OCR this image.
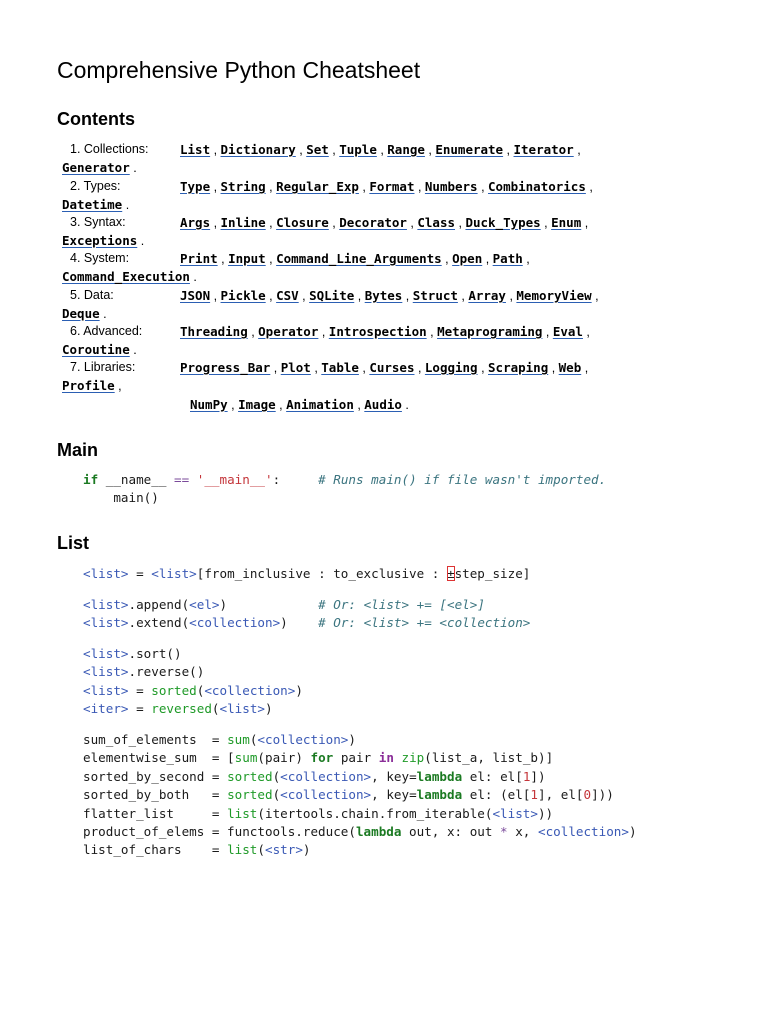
Comprehensive Python Cheatsheet
Contents
1. Collections:	List , Dictionary , Set , Tuple , Range , Enumerate , Iterator ,
Generator .
2. Types:	Type , String , Regular_Exp , Format , Numbers , Combinatorics ,
Datetime .
3. Syntax:	Args , Inline , Closure , Decorator , Class , Duck_Types , Enum ,
Exceptions .
4. System:	Print , Input , Command_Line_Arguments , Open , Path ,
Command_Execution .
5. Data:	JSON , Pickle , CSV , SQLite , Bytes , Struct , Array , MemoryView ,
Deque .
6. Advanced:	Threading , Operator , Introspection , Metaprograming , Eval ,
Coroutine .
7. Libraries:	Progress_Bar , Plot , Table , Curses , Logging , Scraping , Web ,
Profile ,
NumPy , Image , Animation , Audio .
Main
if __name__ == '__main__':     # Runs main() if file wasn't imported.
main()
List
<list> = <list>[from_inclusive : to_exclusive : ±step_size]
<list>.append(<el>)            # Or: <list> += [<el>]
<list>.extend(<collection>)    # Or: <list> += <collection>
<list>.sort()
<list>.reverse()
<list> = sorted(<collection>)
<iter> = reversed(<list>)
sum_of_elements  = sum(<collection>)
elementwise_sum  = [sum(pair) for pair in zip(list_a, list_b)]
sorted_by_second = sorted(<collection>, key=lambda el: el[1])
sorted_by_both   = sorted(<collection>, key=lambda el: (el[1], el[0]))
flatter_list     = list(itertools.chain.from_iterable(<list>))
product_of_elems = functools.reduce(lambda out, x: out * x, <collection>)
list_of_chars    = list(<str>)
